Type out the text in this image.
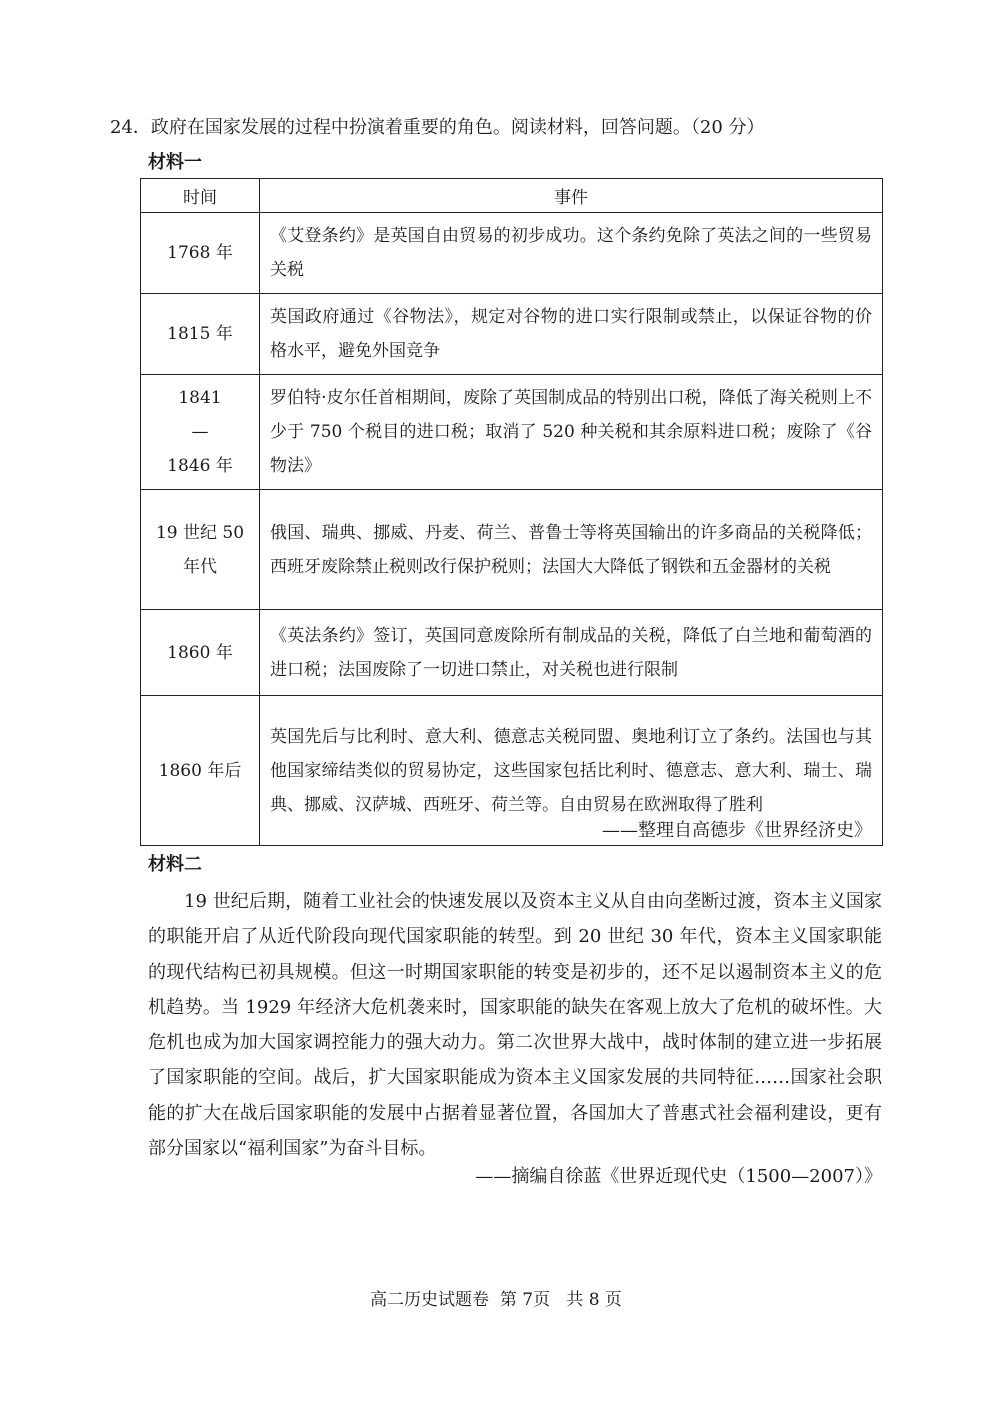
24．政府在国家发展的过程中扮演着重要的角色。阅读材料，回答问题。（20 分）
材料一
时间	事件
1768 年	《艾登条约》是英国自由贸易的初步成功。这个条约免除了英法之间的一些贸易关税
1815 年	英国政府通过《谷物法》，规定对谷物的进口实行限制或禁止，以保证谷物的价格水平，避免外国竞争

1841
—
1846 年	罗伯特·皮尔任首相期间，废除了英国制成品的特别出口税，降低了海关税则上不少于 750 个税目的进口税；取消了 520 种关税和其余原料进口税；废除了《谷物法》

19 世纪 50
年代	俄国、瑞典、挪威、丹麦、荷兰、普鲁士等将英国输出的许多商品的关税降低；西班牙废除禁止税则改行保护税则；法国大大降低了钢铁和五金器材的关税
1860 年	《英法条约》签订，英国同意废除所有制成品的关税，降低了白兰地和葡萄酒的进口税；法国废除了一切进口禁止，对关税也进行限制
1860 年后	英国先后与比利时、意大利、德意志关税同盟、奥地利订立了条约。法国也与其他国家缔结类似的贸易协定，这些国家包括比利时、德意志、意大利、瑞士、瑞典、挪威、汉萨城、西班牙、荷兰等。自由贸易在欧洲取得了胜利
——整理自高德步《世界经济史》
材料二

19 世纪后期，随着工业社会的快速发展以及资本主义从自由向垄断过渡，资本主义国家的职能开启了从近代阶段向现代国家职能的转型。到 20 世纪 30 年代，资本主义国家职能的现代结构已初具规模。但这一时期国家职能的转变是初步的，还不足以遏制资本主义的危机趋势。当 1929 年经济大危机袭来时，国家职能的缺失在客观上放大了危机的破坏性。大危机也成为加大国家调控能力的强大动力。第二次世界大战中，战时体制的建立进一步拓展了国家职能的空间。战后，扩大国家职能成为资本主义国家发展的共同特征……国家社会职能的扩大在战后国家职能的发展中占据着显著位置，各国加大了普惠式社会福利建设，更有部分国家以“福利国家”为奋斗目标。

——摘编自徐蓝《世界近现代史（1500—2007）》
高二历史试题卷  第 7页   共 8 页
